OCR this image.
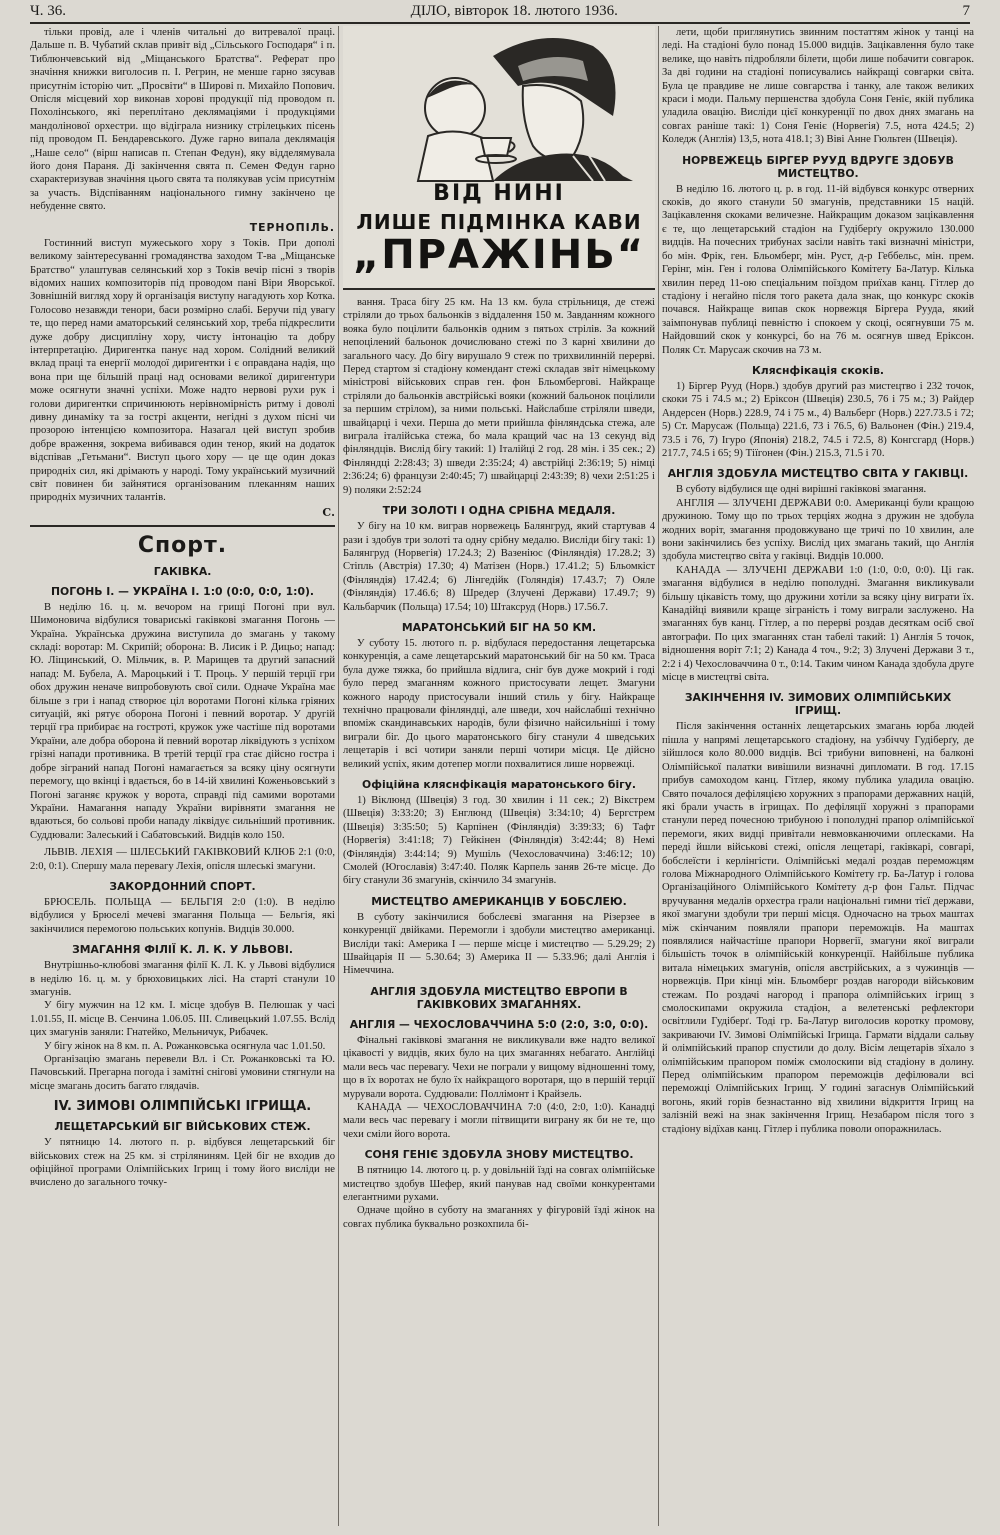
Ч. 36.	ДІЛО, вівторок 18. лютого 1936.	7

тільки провід, але і членів читальні до витревалої праці. Дальше п. В. Чубатий склав привіт від „Сільського Господаря“ і п. Тиблюнчевський від „Міщанського Братства“. Реферат про значіння книжки виголосив п. І. Регрин, не менше гарно зясував присутнім історію чит. „Просвіти“ в Широві п. Михайло Попович. Опісля місцевий хор виконав хорові продукції під проводом п. Похолінського, які переплітано деклямаціями і продукціями мандолінової орхестри. що відіграла низнику стрілецьких пісень під проводом П. Бендаревського. Дуже гарно випала деклямація „Наше село“ (вірш написав п. Степан Федун), яку відделямувала його доня Параня. Ді закінчення свята п. Семен Федун гарно схарактеризував значіння цього свята та полякував усім присутнім за участь. Відспіванням національного гимну закінчено це небуденне свято.

ТЕРНОПІЛЬ.

Гостинний виступ мужеського хору з Токів. При дополі великому заінтересуванні громадянства заходом Т-ва „Міщанське Братство“ улаштував селянський хор з Токів вечір пісні з творів відомих наших композиторів під проводом пані Віри Яворської. Зовнішній вигляд хору й організація виступу нагадують хор Котка. Голосово незавжди тенори, баси розмірно слабі. Беручи під увагу те, що перед нами аматорський селянський хор, треба підкреслити дуже добру дисципліну хору, чисту інтонацію та добру інтерпретацію. Диригентка панує над хором. Солідний великий вклад праці та енергії молодої диригентки і є оправдана надія, що вона при ще більшій праці над основами великої диригентури може осягнути значні успіхи. Може надто нервові рухи рук і голови диригентки спричинюють нерівномірність ритму і доволі дивну динаміку та за гострі акценти, негідні з духом пісні чи прозорою інтенцією композитора. Назагал цей виступ зробив добре враження, зокрема вибивався один тенор, який на додаток відспівав „Гетьмани“. Виступ цього хору — це ще один доказ природніх сил, які дрімають у народі. Тому український музичний світ повинен би зайнятися організованим плеканням наших природніх музичних талантів.

С.
Спорт.
ГАКІВКА.
ПОГОНЬ І. — УКРАЇНА І. 1:0 (0:0, 0:0, 1:0).

В неділю 16. ц. м. вечором на грищі Погоні при вул. Шимоновича відбулися товариські гаківкові змагання Погонь — Україна. Українська дружина виступила до змагань у такому складі: воротар: М. Скрипій; оборона: В. Лисик і Р. Дицьо; напад: Ю. Ліщинський, О. Мільчик, в. Р. Марищев та другий запасний напад: М. Бубела, А. Мароцький і Т. Проць. У першій терції гри обох дружин неначе випробовують свої сили. Одначе Україна має більше з гри і напад створює ціл воротами Погоні кілька гріяних ситуацій, які рятує оборона Погоні і певний воротар. У другій терції гра прибирає на гостроті, кружок уже частіше під воротами України, але добра оборона й певний воротар ліквідують з успіхом грізні напади противника. В третій терції гра стає дійсно гостра і добре зіграний напад Погоні намагається за всяку ціну осягнути перемогу, що вкінці і вдається, бо в 14-ій хвилині Коженьовський з Погоні заганяє кружок у ворота, справді під самими воротами України. Намагання нападу України вирівняти змагання не вдаються, бо сольові проби нападу ліквідує сильніший противник. Суддювали: Залеський і Сабатовський. Видців коло 150.

ЛЬВІВ. ЛЕХІЯ — ШЛЕСЬКИЙ ГАКІВКОВИЙ КЛЮБ 2:1 (0:0, 2:0, 0:1). Спершу мала перевагу Лехія, опісля шлеські змагуни.

ЗАКОРДОННИЙ СПОРТ.

БРЮСЕЛЬ. ПОЛЬЩА — БЕЛЬГІЯ 2:0 (1:0). В неділю відбулися у Брюселі мечеві змагання Польща — Бельгія, які закінчилися перемогою польських копунів. Видців 30.000.

ЗМАГАННЯ ФІЛІЇ К. Л. К. У ЛЬВОВІ.

Внутрішньо-клюбові змагання філії К. Л. К. у Львові відбулися в неділю 16. ц. м. у брюховицьких лісі. На старті станули 10 змагунів.

У бігу мужчин на 12 км. І. місце здобув В. Пелюшак у часі 1.01.55, II. місце В. Сенчина 1.06.05. III. Сливецький 1.07.55. Вслід цих змагунів заняли: Гнатейко, Мельничук, Рибачек.

У бігу жінок на 8 км. п. А. Рожанковська осягнула час 1.01.50.

Організацію змагань перевели Вл. і Ст. Рожанковські та Ю. Пачовський. Прегарна погода і замітні снігові умовини стягнули на місце змагань досить багато глядачів.

IV. ЗИМОВІ ОЛІМПІЙСЬКІ ІГРИЩА.
ЛЕЩЕТАРСЬКИЙ БІГ ВІЙСЬКОВИХ СТЕЖ.

У пятницю 14. лютого п. р. відбувся лещетарський біг військових стеж на 25 км. зі стріляниням. Цей біг не входив до офіційної програми Олімпійських Ігрищ і тому його висліди не вчислено до загального точку-

ВІД НИНІ
ЛИШЕ ПІДМІНКА КАВИ
„ПРАЖІНЬ“

вання. Траса бігу 25 км. На 13 км. була стрільниця, де стежі стріляли до трьох бальонків з віддалення 150 м. Завданням кожного вояка було поцілити бальонків одним з пятьох стрілів. За кожний непоцілений бальонок дочислювано стежі по 3 карні хвилини до загального часу. До бігу вирушало 9 стеж по трихвилинній перерві. Перед стартом зі стадіону комендант стежі складав звіт німецькому міністрові військових справ ген. фон Бльомбергові. Найкраще стріляли до бальонків австрійські вояки (кожний бальонок поцілили за першим стрілом), за ними польські. Найслабше стріляли шведи, швайцарці і чехи. Перша до мети прийшла фінляндська стежа, але виграла італійська стежа, бо мала кращий час на 13 секунд від фінляндців. Вислід бігу такий: 1) Італійці 2 год. 28 мін. і 35 сек.; 2) Фінляндці 2:28:43; 3) шведи 2:35:24; 4) австрійці 2:36:19; 5) німці 2:36:24; 6) французи 2:40:45; 7) швайцарці 2:43:39; 8) чехи 2:51:25 і 9) поляки 2:52:24

ТРИ ЗОЛОТІ І ОДНА СРІБНА МЕДАЛЯ.

У бігу на 10 км. виграв норвежець Балянгруд, який стартував 4 рази і здобув три золоті та одну срібну медалю. Висліди бігу такі: 1) Балянгруд (Норвегія) 17.24.3; 2) Вазеніюс (Фінляндія) 17.28.2; 3) Стіпль (Австрія) 17.30; 4) Матізен (Норв.) 17.41.2; 5) Бльомкіст (Фінляндія) 17.42.4; 6) Лінгедійк (Голяндія) 17.43.7; 7) Ояле (Фінляндія) 17.46.6; 8) Шредер (Злучені Держави) 17.49.7; 9) Кальбарчик (Польща) 17.54; 10) Штаксруд (Норв.) 17.56.7.

МАРАТОНСЬКИЙ БІГ НА 50 КМ.

У суботу 15. лютого п. р. відбулася передостання лещетарська конкуренція, а саме лещетарський маратонський біг на 50 км. Траса була дуже тяжка, бо прийшла відлига, сніг був дуже мокрий і годі було перед змаганням кожного пристосувати лещет. Змагуни кожного народу пристосували інший стиль у бігу. Найкраще технічно працювали фінляндці, але шведи, хоч найслабші технічно впоміж скандинавських народів, були фізично найсильніші і тому виграли біг. До цього маратонського бігу станули 4 шведських лещетарів і всі чотири заняли перші чотири місця. Це дійсно великий успіх, яким дотепер могли похвалитися лише норвежці.

Офіційна кляснфікація маратонського бігу.

1) Віклюнд (Швеція) 3 год. 30 хвилин і 11 сек.; 2) Вікстрем (Швеція) 3:33:20; 3) Енглюнд (Швеція) 3:34:10; 4) Бергстрем (Швеція) 3:35:50; 5) Карпінен (Фінляндія) 3:39:33; 6) Тафт (Норвегія) 3:41:18; 7) Гейкінен (Фінляндія) 3:42:44; 8) Немі (Фінляндія) 3:44:14; 9) Мушіль (Чехословаччина) 3:46:12; 10) Смолей (Югославія) 3:47:40. Поляк Карпель заняв 26-те місце. До бігу станули 36 змагунів, скінчило 34 змагунів.

МИСТЕЦТВО АМЕРИКАНЦІВ У БОБСЛЕЮ.

В суботу закінчилися бобслеєві змагання на Різерзее в конкуренції двійками. Перемогли і здобули мистецтво американці. Висліди такі: Америка І — перше місце і мистецтво — 5.29.29; 2) Швайцарія II — 5.30.64; 3) Америка II — 5.33.96; далі Англія і Німеччина.

АНГЛІЯ ЗДОБУЛА МИСТЕЦТВО ЕВРОПИ В ГАКІВКОВИХ ЗМАГАННЯХ.
АНГЛІЯ — ЧЕХОСЛОВАЧЧИНА 5:0 (2:0, 3:0, 0:0).

Фінальні гаківкові змагання не викликували вже надто великої цікавості у видців, яких було на цих змаганнях небагато. Англійці мали весь час перевагу. Чехи не пограли у вищому відношенні тому, що в їх воротах не було їх найкращого воротаря, що в першій терції мурували ворота. Суддювали: Поллімонт і Крайзель.

КАНАДА — ЧЕХОСЛОВАЧЧИНА 7:0 (4:0, 2:0, 1:0). Канадці мали весь час перевагу і могли пітвищити виграну як би не те, що чехи сміли його ворота.

СОНЯ ГЕНІЄ ЗДОБУЛА ЗНОВУ МИСТЕЦТВО.

В пятницю 14. лютого ц. р. у довільній їзді на совгах олімпійське мистецтво здобув Шефер, який панував над своїми конкурентами елегантними рухами.

Одначе щойно в суботу на змаганнях у фігуровій їзді жінок на совгах публика буквально розкохпила бі-

лети, щоби приглянутись звинним постаттям жінок у танці на леді. На стадіоні було понад 15.000 видців. Зацікавлення було таке велике, що навіть підробляли білети, щоби лише побачити совгарок. За дві години на стадіоні пописувались найкращі совгарки світа. Була це правдиве не лише совгарства і танку, але також великих краси і моди. Пальму першенства здобула Соня Геніє, якій публика уладила овацію. Висліди цієї конкуренції по двох днях змагань на совгах раніше такі: 1) Соня Геніє (Норвегія) 7.5, нота 424.5; 2) Коледж (Англія) 13,5, нота 418.1; 3) Віві Анне Гюльтен (Швеція).

НОРВЕЖЕЦЬ БІРГЕР РУУД ВДРУГЕ ЗДОБУВ МИСТЕЦТВО.

В неділю 16. лютого ц. р. в год. 11-ій відбувся конкурс отверних скоків, до якого станули 50 змагунів, представники 15 націй. Зацікавлення скоками величезне. Найкращим доказом зацікавлення є те, що лещетарський стадіон на Гудіберґу окружило 130.000 видців. На почесних трибунах засіли навіть такі визначні міністри, бо мін. Фрік, ген. Бльомберг, мін. Руст, д-р Геббельс, мін. прем. Герінг, мін. Ген і голова Олімпійського Комітету Ба-Латур. Кілька хвилин перед 11-ою спеціальним поїздом приїхав канц. Гітлер до стадіону і негайно після того ракета дала знак, що конкурс скоків почався. Найкраще випав скок норвежця Біргера Рууда, який заімпонував публиці певністю і спокоем у скоці, осягнувши 75 м. Найдовший скок у конкурсі, бо на 76 м. осягнув швед Еріксон. Поляк Ст. Марусаж скочив на 73 м.

Кляснфікація скоків.

1) Біргер Рууд (Норв.) здобув другий раз мистецтво і 232 точок, скоки 75 і 74.5 м.; 2) Еріксон (Швеція) 230.5, 76 і 75 м.; 3) Райдер Андерсен (Норв.) 228.9, 74 і 75 м., 4) Вальберг (Норв.) 227.73.5 і 72; 5) Ст. Марусаж (Польща) 221.6, 73 і 76.5, 6) Вальонен (Фін.) 219.4, 73.5 і 76, 7) Ігуро (Японія) 218.2, 74.5 і 72.5, 8) Конгсгард (Норв.) 217.7, 74.5 і 65; 9) Тіїгонен (Фін.) 215.3, 71.5 і 70.

АНГЛІЯ ЗДОБУЛА МИСТЕЦТВО СВІТА У ГАКІВЦІ.

В суботу відбулися ще одні вирішні гаківкові змагання.

АНГЛІЯ — ЗЛУЧЕНІ ДЕРЖАВИ 0:0. Американці були кращою дружиною. Тому що по трьох терціях жодна з дружин не здобула жодних воріт, змагання продовжувано ще тричі по 10 хвилин, але вони закінчились без успіху. Вислід цих змагань такий, що Англія здобула мистецтво світа у гаківці. Видців 10.000.

КАНАДА — ЗЛУЧЕНІ ДЕРЖАВИ 1:0 (1:0, 0:0, 0:0). Ці гак. змагання відбулися в неділю пополудні. Змагання викликували більшу цікавість тому, що дружини хотіли за всяку ціну виграти їх. Канадійці виявили краще зіграність і тому виграли заслужено. На змаганнях був канц. Гітлер, а по перерві роздав десяткам осіб свої автографи. По цих змаганнях стан табелі такий: 1) Англія 5 точок, відношення воріт 7:1; 2) Канада 4 точ., 9:2; 3) Злучені Держави 3 т., 2:2 і 4) Чехословаччина 0 т., 0:14. Таким чином Канада здобула друге місце в мистецтві світа.

ЗАКІНЧЕННЯ IV. ЗИМОВИХ ОЛІМПІЙСЬКИХ ІГРИЩ.

Після закінчення останніх лещетарських змагань юрба людей пішла у напрямі лещетарського стадіону, на узбіччу Гудіберґу, де зійшлося коло 80.000 видців. Всі трибуни виповнені, на балконі Олімпійської палатки вивішили визначні дипломати. В год. 17.15 прибув самоходом канц. Гітлер, якому публика уладила овацію. Свято почалося дефіляцією хоружних з прапорами державних націй, які брали участь в ігрищах. По дефіляції хоружні з прапорами станули перед почесною трибуною і пополудні прапор олімпійської перемоги, яких видці привітали невмовканючими оплесками. На переді йшли військові стежі, опісля лещетарі, гаківкарі, совгарі, бобслеїсти і керлінгісти. Олімпійські медалі роздав переможцям голова Міжнародного Олімпійського Комітету гр. Ба-Латур і голова Організаційного Олімпійського Комітету д-р фон Гальт. Підчас вручування медалів орхестра грали національні гимни тієї держави, якої змагуни здобули три перші місця. Одночасно на трьох маштах між скінчаним появляли прапори переможців. На маштах появлялися найчастіше прапори Норвегії, змагуни якої виграли більшість точок в олімпійській конкуренції. Найбільше публика витала німецьких змагунів, опісля австрійських, а з чужинців — норвежців. При кінці мін. Бльомберг роздав нагороди військовим стежам. По роздачі нагород і прапора олімпійських ігрищ з смолоскипами окружила стадіон, а велетенські рефлектори освітлили Гудіберґ. Тоді гр. Ба-Латур виголосив коротку промову, закриваючи IV. Зимові Олімпійські Ігрища. Гармати віддали сальву й олімпійський прапор спустили до долу. Вісім лещетарів зїхало з олімпійським прапором поміж смолоскипи від стадіону в долину. Перед олімпійським прапором переможців дефілювали всі переможці Олімпійських Ігрищ. У годині загаснув Олімпійський вогонь, який горів безнастанно від хвилини відкриття Ігрищ на залізній вежі на знак закінчення Ігрищ. Незабаром після того з стадіону відїхав канц. Гітлер і публика поволи опоражнилась.
